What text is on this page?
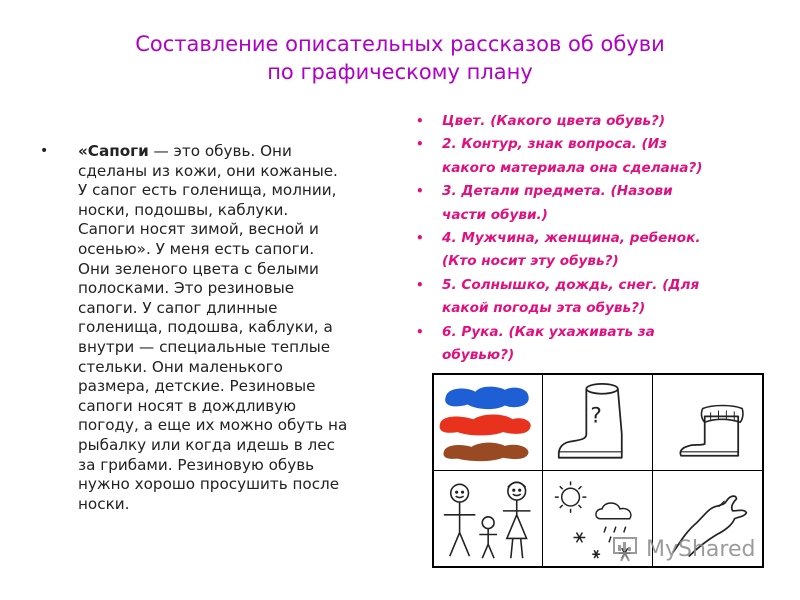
Составление описательных рассказов об обуви
по графическому плану
• «Сапоги — это обувь. Они
сделаны из кожи, они кожаные.
У сапог есть голенища, молнии,
носки, подошвы, каблуки.
Сапоги носят зимой, весной и
осенью». У меня есть сапоги.
Они зеленого цвета с белыми
полосками. Это резиновые
сапоги. У сапог длинные
голенища, подошва, каблуки, а
внутри — специальные теплые
стельки. Они маленького
размера, детские. Резиновые
сапоги носят в дождливую
погоду, а еще их можно обуть на
рыбалку или когда идешь в лес
за грибами. Резиновую обувь
нужно хорошо просушить после
носки.
• Цвет. (Какого цвета обувь?)
• 2. Контур, знак вопроса. (Из
какого материала она сделана?)
• 3. Детали предмета. (Назови
части обуви.)
• 4. Мужчина, женщина, ребенок.
(Кто носит эту обувь?)
• 5. Солнышко, дождь, снег. (Для
какой погоды эта обувь?)
• 6. Рука. (Как ухаживать за
обувью?)
?
MyShared
